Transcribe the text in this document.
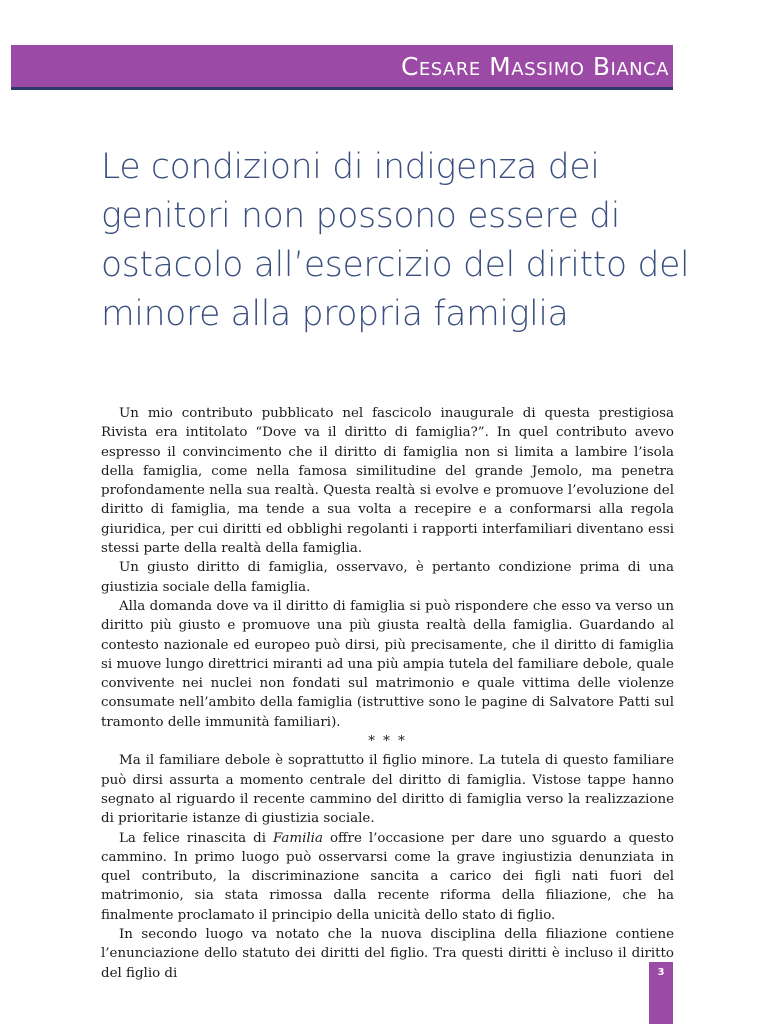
Cesare Massimo Bianca
Le condizioni di indigenza dei genitori non possono essere di ostacolo all’esercizio del diritto del minore alla propria famiglia

Un mio contributo pubblicato nel fascicolo inaugurale di questa prestigiosa Rivista era intitolato “Dove va il diritto di famiglia?”. In quel contributo avevo espresso il convincimento che il diritto di famiglia non si limita a lambire l’isola della famiglia, come nella famosa similitudine del grande Jemolo, ma penetra profondamente nella sua realtà. Questa realtà si evolve e promuove l’evoluzione del diritto di famiglia, ma tende a sua volta a recepire e a conformarsi alla regola giuridica, per cui diritti ed obblighi regolanti i rapporti interfamiliari diventano essi stessi parte della realtà della famiglia.

Un giusto diritto di famiglia, osservavo, è pertanto condizione prima di una giustizia sociale della famiglia.

Alla domanda dove va il diritto di famiglia si può rispondere che esso va verso un diritto più giusto e promuove una più giusta realtà della famiglia. Guardando al contesto nazionale ed europeo può dirsi, più precisamente, che il diritto di famiglia si muove lungo direttrici miranti ad una più ampia tutela del familiare debole, quale convivente nei nuclei non fondati sul matrimonio e quale vittima delle violenze consumate nell’ambito della famiglia (istruttive sono le pagine di Salvatore Patti sul tramonto delle immunità familiari).

* * *

Ma il familiare debole è soprattutto il figlio minore. La tutela di questo familiare può dirsi assurta a momento centrale del diritto di famiglia. Vistose tappe hanno segnato al riguardo il recente cammino del diritto di famiglia verso la realizzazione di prioritarie istanze di giustizia sociale.

La felice rinascita di Familia offre l’occasione per dare uno sguardo a questo cammino. In primo luogo può osservarsi come la grave ingiustizia denunziata in quel contributo, la discriminazione sancita a carico dei figli nati fuori del matrimonio, sia stata rimossa dalla recente riforma della filiazione, che ha finalmente proclamato il principio della unicità dello stato di figlio.

In secondo luogo va notato che la nuova disciplina della filiazione contiene l’enunciazione dello statuto dei diritti del figlio. Tra questi diritti è incluso il diritto del figlio di	3
